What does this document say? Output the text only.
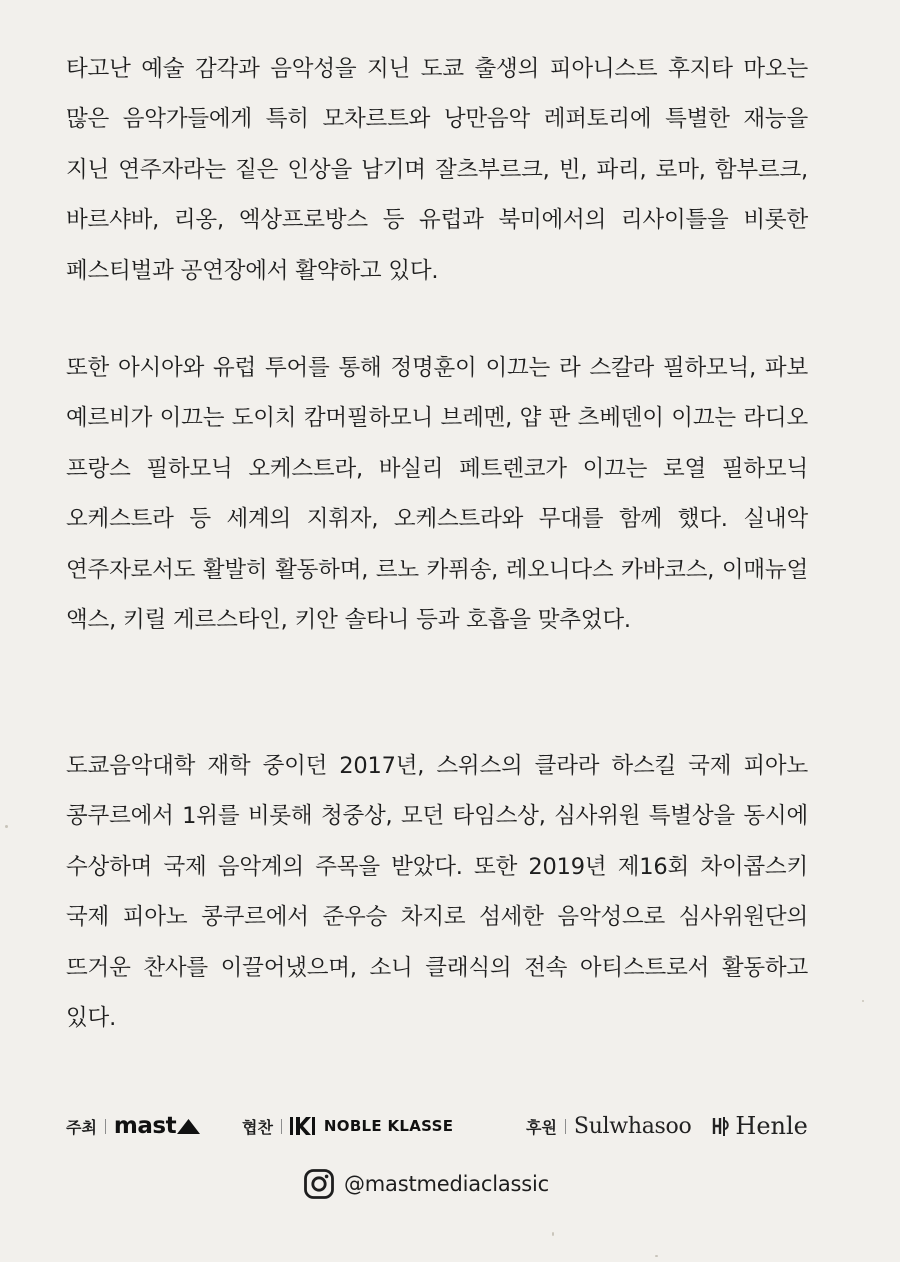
타고난 예술 감각과 음악성을 지닌 도쿄 출생의 피아니스트 후지타 마오는 많은 음악가들에게 특히 모차르트와 낭만음악 레퍼토리에 특별한 재능을 지닌 연주자라는 짙은 인상을 남기며 잘츠부르크, 빈, 파리, 로마, 함부르크, 바르샤바, 리옹, 엑상프로방스 등 유럽과 북미에서의 리사이틀을 비롯한 페스티벌과 공연장에서 활약하고 있다.

또한 아시아와 유럽 투어를 통해 정명훈이 이끄는 라 스칼라 필하모닉, 파보 예르비가 이끄는 도이치 캄머필하모니 브레멘, 얍 판 츠베덴이 이끄는 라디오 프랑스 필하모닉 오케스트라, 바실리 페트렌코가 이끄는 로열 필하모닉 오케스트라 등 세계의 지휘자, 오케스트라와 무대를 함께 했다. 실내악 연주자로서도 활발히 활동하며, 르노 카퓌송, 레오니다스 카바코스, 이매뉴얼 액스, 키릴 게르스타인, 키안 솔타니 등과 호흡을 맞추었다.

도쿄음악대학 재학 중이던 2017년, 스위스의 클라라 하스킬 국제 피아노 콩쿠르에서 1위를 비롯해 청중상, 모던 타임스상, 심사위원 특별상을 동시에 수상하며 국제 음악계의 주목을 받았다. 또한 2019년 제16회 차이콥스키 국제 피아노 콩쿠르에서 준우승 차지로 섬세한 음악성으로 심사위원단의 뜨거운 찬사를 이끌어냈으며, 소니 클래식의 전속 아티스트로서 활동하고 있다.

주최 mast	협찬	NOBLE KLASSE	후원 Sulwhasoo Henle
@mastmediaclassic
